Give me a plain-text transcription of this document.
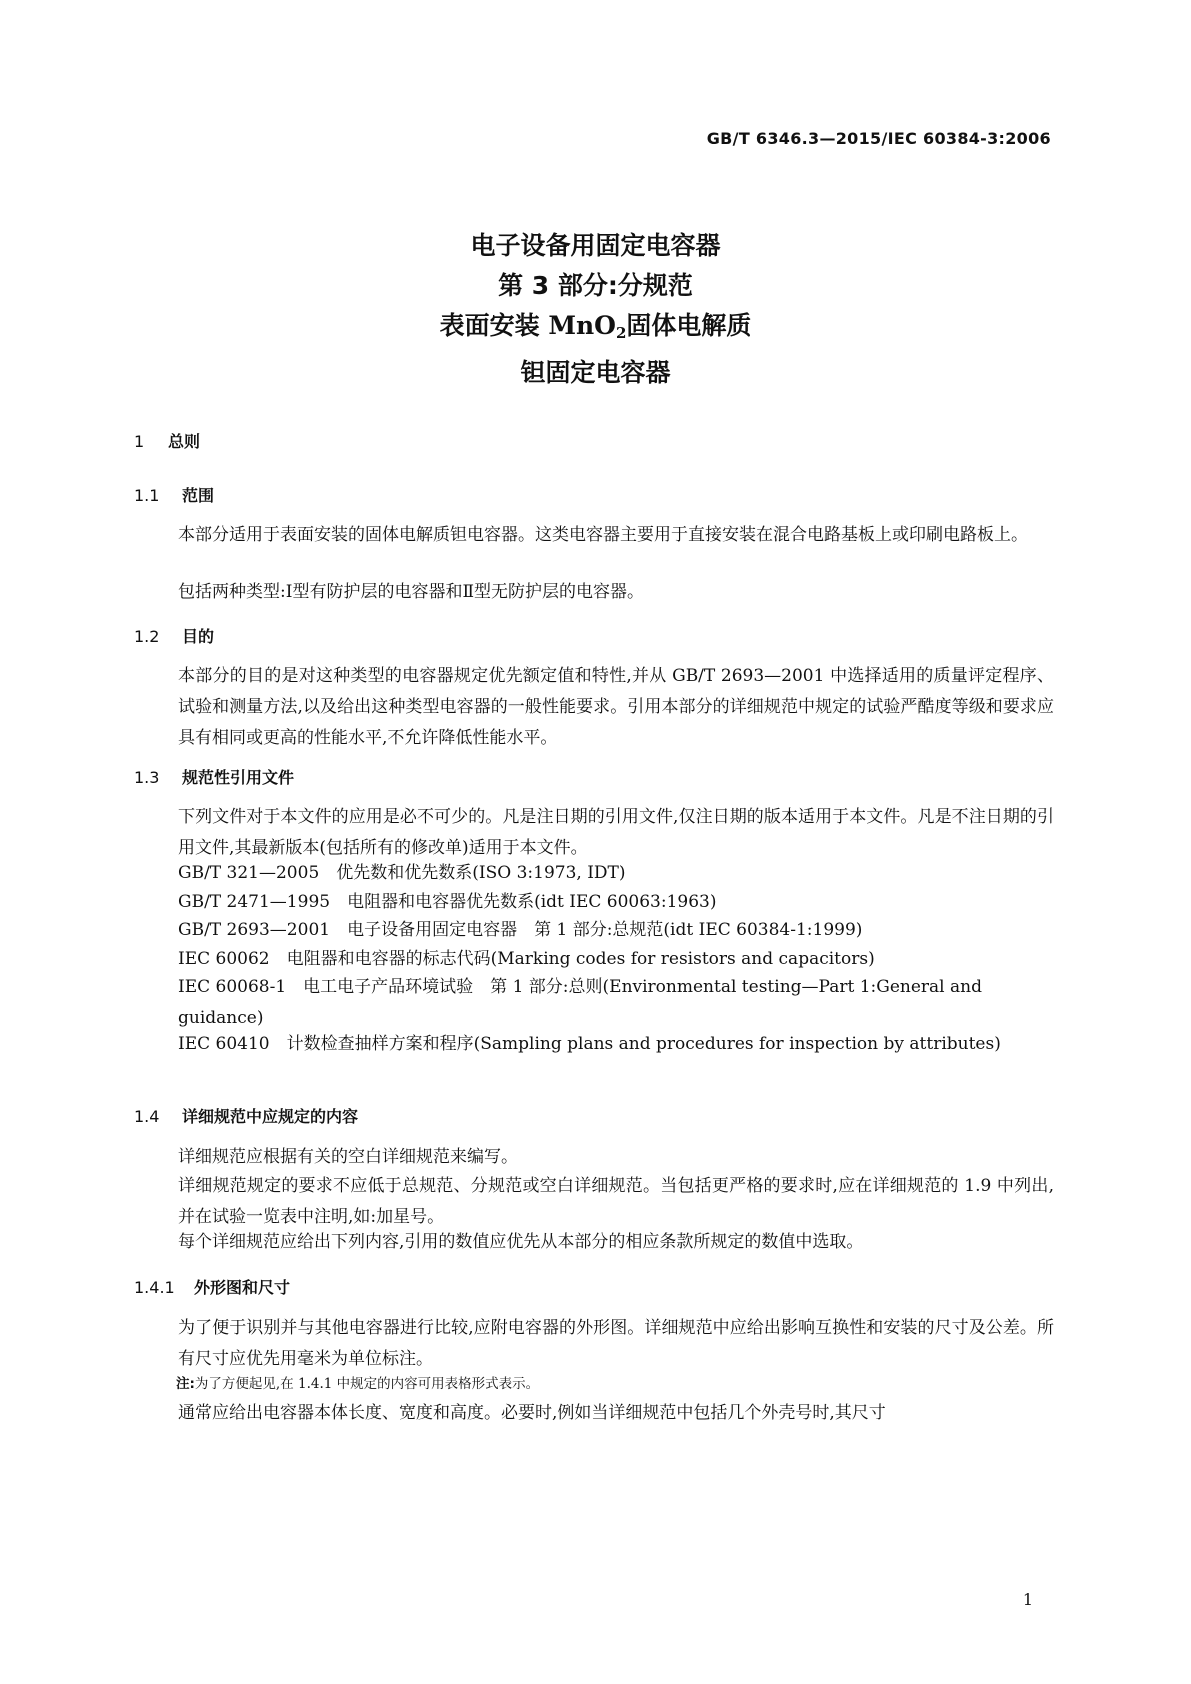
GB/T 6346.3—2015/IEC 60384-3:2006
电子设备用固定电容器
第 3 部分:分规范
表面安装 MnO$_2$固体电解质
钽固定电容器
1 总则
1.1 范围
本部分适用于表面安装的固体电解质钽电容器。这类电容器主要用于直接安装在混合电路基板上或印刷电路板上。
包括两种类型:Ⅰ型有防护层的电容器和Ⅱ型无防护层的电容器。
1.2 目的
本部分的目的是对这种类型的电容器规定优先额定值和特性,并从 GB/T 2693—2001 中选择适用的质量评定程序、试验和测量方法,以及给出这种类型电容器的一般性能要求。引用本部分的详细规范中规定的试验严酷度等级和要求应具有相同或更高的性能水平,不允许降低性能水平。
1.3 规范性引用文件
下列文件对于本文件的应用是必不可少的。凡是注日期的引用文件,仅注日期的版本适用于本文件。凡是不注日期的引用文件,其最新版本(包括所有的修改单)适用于本文件。
GB/T 321—2005　优先数和优先数系(ISO 3:1973, IDT)
GB/T 2471—1995　电阻器和电容器优先数系(idt IEC 60063:1963)
GB/T 2693—2001　电子设备用固定电容器　第 1 部分:总规范(idt IEC 60384-1:1999)
IEC 60062　电阻器和电容器的标志代码(Marking codes for resistors and capacitors)
IEC 60068-1　电工电子产品环境试验　第 1 部分:总则(Environmental testing—Part 1:General and guidance)
IEC 60410　计数检查抽样方案和程序(Sampling plans and procedures for inspection by attributes)
1.4 详细规范中应规定的内容
详细规范应根据有关的空白详细规范来编写。
详细规范规定的要求不应低于总规范、分规范或空白详细规范。当包括更严格的要求时,应在详细规范的 1.9 中列出,并在试验一览表中注明,如:加星号。
每个详细规范应给出下列内容,引用的数值应优先从本部分的相应条款所规定的数值中选取。
1.4.1 外形图和尺寸
为了便于识别并与其他电容器进行比较,应附电容器的外形图。详细规范中应给出影响互换性和安装的尺寸及公差。所有尺寸应优先用毫米为单位标注。
注:为了方便起见,在 1.4.1 中规定的内容可用表格形式表示。
通常应给出电容器本体长度、宽度和高度。必要时,例如当详细规范中包括几个外壳号时,其尺寸
1
